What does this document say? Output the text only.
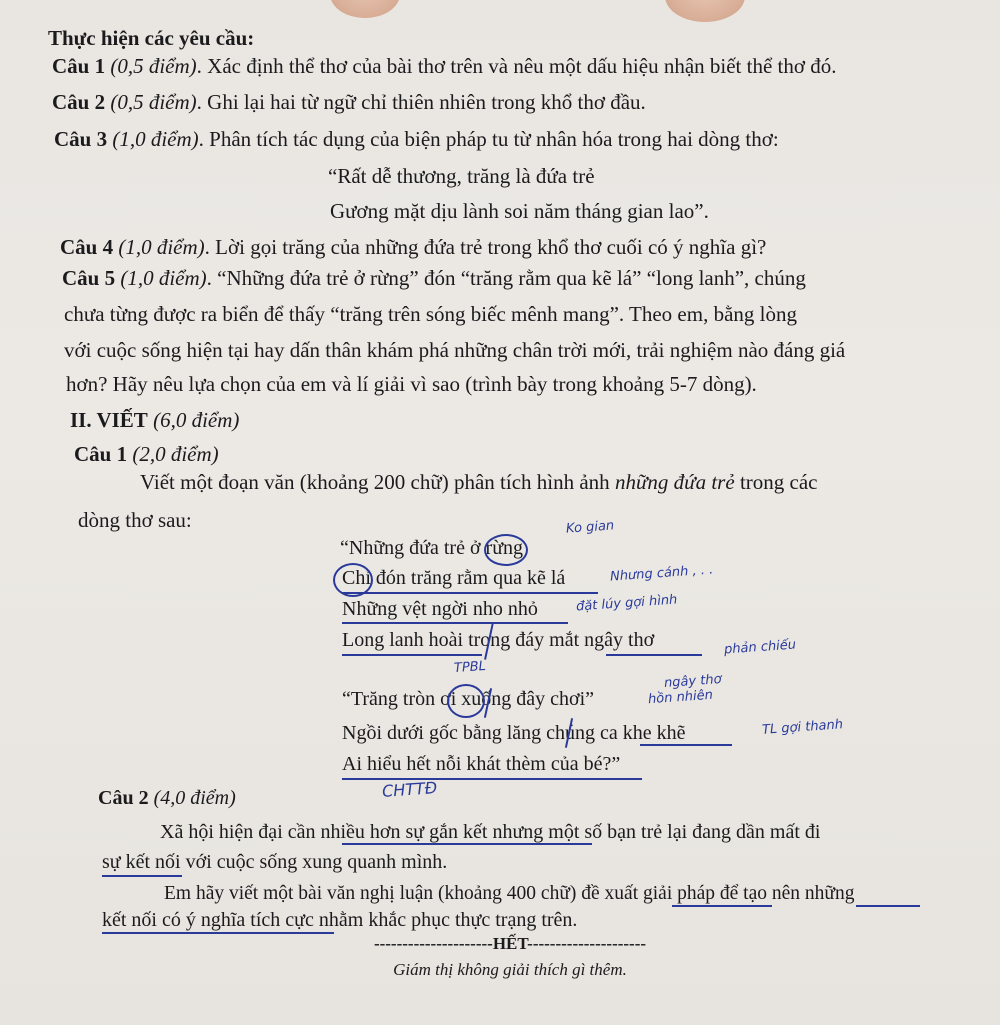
Thực hiện các yêu cầu:
Câu 1 (0,5 điểm). Xác định thể thơ của bài thơ trên và nêu một dấu hiệu nhận biết thể thơ đó.
Câu 2 (0,5 điểm). Ghi lại hai từ ngữ chỉ thiên nhiên trong khổ thơ đầu.
Câu 3 (1,0 điểm). Phân tích tác dụng của biện pháp tu từ nhân hóa trong hai dòng thơ:
“Rất dễ thương, trăng là đứa trẻ
Gương mặt dịu lành soi năm tháng gian lao”.
Câu 4 (1,0 điểm). Lời gọi trăng của những đứa trẻ trong khổ thơ cuối có ý nghĩa gì?
Câu 5 (1,0 điểm). “Những đứa trẻ ở rừng” đón “trăng rằm qua kẽ lá” “long lanh”, chúng
chưa từng được ra biển để thấy “trăng trên sóng biếc mênh mang”. Theo em, bằng lòng
với cuộc sống hiện tại hay dấn thân khám phá những chân trời mới, trải nghiệm nào đáng giá
hơn? Hãy nêu lựa chọn của em và lí giải vì sao (trình bày trong khoảng 5-7 dòng).
II. VIẾT (6,0 điểm)
Câu 1 (2,0 điểm)
Viết một đoạn văn (khoảng 200 chữ) phân tích hình ảnh những đứa trẻ trong các
dòng thơ sau:
“Những đứa trẻ ở rừng
Chỉ đón trăng rằm qua kẽ lá
Những vệt ngời nho nhỏ
Long lanh hoài trong đáy mắt ngây thơ
“Trăng tròn ơi xuống đây chơi”
Ngồi dưới gốc bằng lăng chúng ca khe khẽ
Ai hiểu hết nỗi khát thèm của bé?”
Ko gian
Nhưng cánh , . .
đặt lúy gợi hình
phản chiếu
TPBL
ngây thơ
hồn nhiên
TL gợi thanh
CHTTĐ
Câu 2 (4,0 điểm)
Xã hội hiện đại cần nhiều hơn sự gắn kết nhưng một số bạn trẻ lại đang dần mất đi
sự kết nối với cuộc sống xung quanh mình.
Em hãy viết một bài văn nghị luận (khoảng 400 chữ) đề xuất giải pháp để tạo nên những
kết nối có ý nghĩa tích cực nhằm khắc phục thực trạng trên.
---------------------HẾT---------------------
Giám thị không giải thích gì thêm.
